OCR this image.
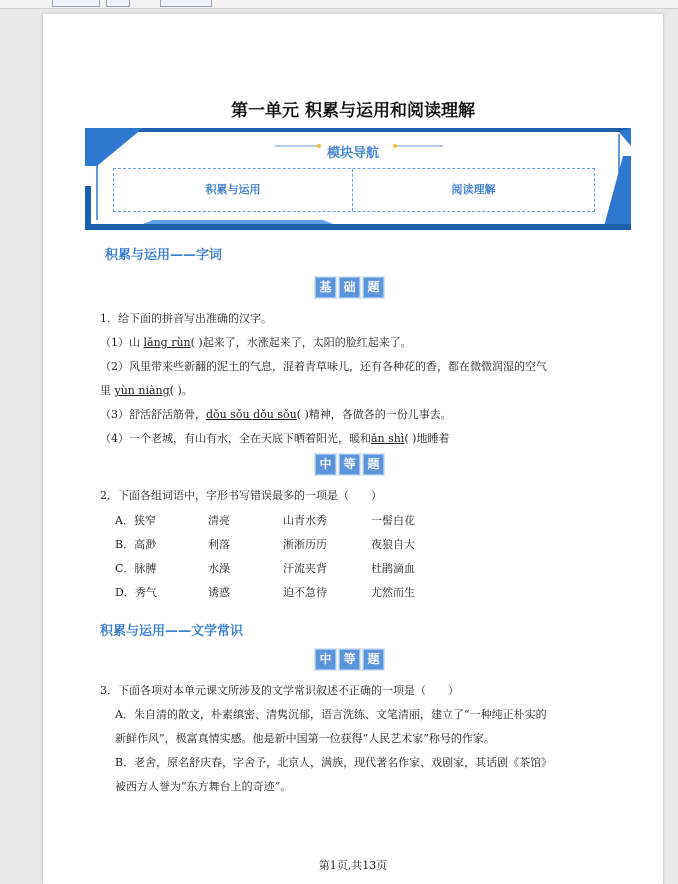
第一单元 积累与运用和阅读理解
模块导航
积累与运用	阅读理解
积累与运用——字词
基 础 题
1．给下面的拼音写出准确的汉字。
（1）山 lǎng rùn( )起来了，水涨起来了，太阳的脸红起来了。
（2）风里带来些新翻的泥土的气息，混着青草味儿，还有各种花的香，都在微微润湿的空气
里 yùn niàng( )。
（3）舒活舒活筋骨，dǒu sǒu dǒu sǒu( )精神，各做各的一份儿事去。
（4）一个老城，有山有水，全在天底下晒着阳光，暖和ǎn shì( )地睡着
中 等 题
2．下面各组词语中，字形书写错误最多的一项是（　　）
A．狭窄	清亮	山青水秀	一髻白花
B．高渺	利落	淅淅历历	夜狼自大
C．脉膊	水澡	汗流夹背	杜鹃滴血
D．秀气	诱惑	迫不急待	尤然而生
积累与运用——文学常识
中 等 题
3．下面各项对本单元课文所涉及的文学常识叙述不正确的一项是（　　）
A．朱自清的散文，朴素缜密、清隽沉郁，语言洗练、文笔清丽，建立了“一种纯正朴实的
新鲜作风”，极富真情实感。他是新中国第一位获得“人民艺术家”称号的作家。
B．老舍，原名舒庆春，字舍予，北京人，满族，现代著名作家、戏剧家，其话剧《茶馆》
被西方人誉为“东方舞台上的奇迹”。
第1页,共13页
